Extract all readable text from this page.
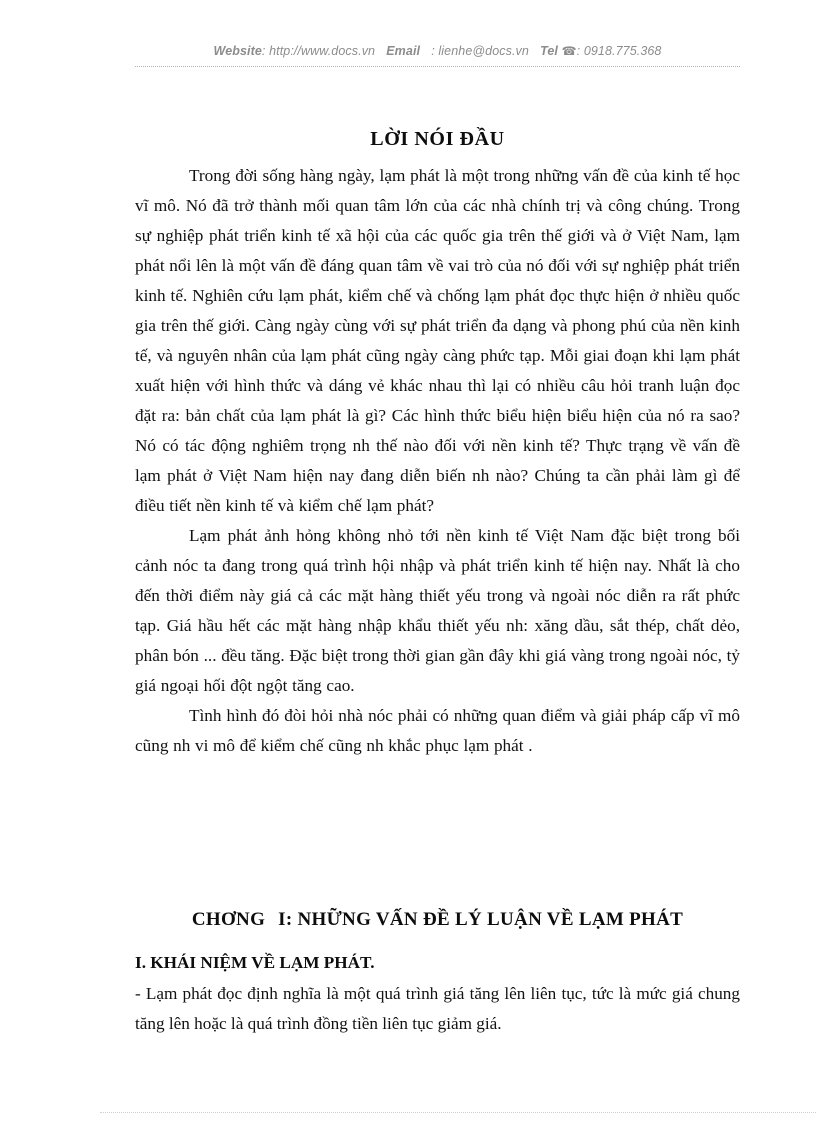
Website: http://www.docs.vn Email : lienhe@docs.vn Tel ☎: 0918.775.368
LỜI NÓI ĐẦU

Trong đời sống hàng ngày, lạm phát là một trong những vấn đề của kinh tế học vĩ mô. Nó đã trở thành mối quan tâm lớn của các nhà chính trị và công chúng. Trong sự nghiệp phát triển kinh tế xã hội của các quốc gia trên thế giới và ở Việt Nam, lạm phát nổi lên là một vấn đề đáng quan tâm về vai trò của nó đối với sự nghiệp phát triển kinh tế. Nghiên cứu lạm phát, kiểm chế và chống lạm phát đọc thực hiện ở nhiều quốc gia trên thế giới. Càng ngày cùng với sự phát triển đa dạng và phong phú của nền kinh tế, và nguyên nhân của lạm phát cũng ngày càng phức tạp. Mỗi giai đoạn khi lạm phát xuất hiện với hình thức và dáng vẻ khác nhau thì lại có nhiều câu hỏi tranh luận đọc đặt ra: bản chất của lạm phát là gì? Các hình thức biểu hiện biểu hiện của nó ra sao? Nó có tác động nghiêm trọng nh thế nào đối với nền kinh tế? Thực trạng về vấn đề lạm phát ở Việt Nam hiện nay đang diễn biến nh nào? Chúng ta cần phải làm gì để điều tiết nền kinh tế và kiểm chế lạm phát?

Lạm phát ảnh hỏng không nhỏ tới nền kinh tế Việt Nam đặc biệt trong bối cảnh nóc ta đang trong quá trình hội nhập và phát triển kinh tế hiện nay. Nhất là cho đến thời điểm này giá cả các mặt hàng thiết yếu trong và ngoài nóc diễn ra rất phức tạp. Giá hầu hết các mặt hàng nhập khẩu thiết yếu nh: xăng dầu, sắt thép, chất dẻo, phân bón ... đều tăng. Đặc biệt trong thời gian gần đây khi giá vàng trong ngoài nóc, tỷ giá ngoại hối đột ngột tăng cao.

Tình hình đó đòi hỏi nhà nóc phải có những quan điểm và giải pháp cấp vĩ mô cũng nh vi mô để kiểm chế cũng nh khắc phục lạm phát .

CHƠNG I: NHỮNG VẤN ĐỀ LÝ LUẬN VỀ LẠM PHÁT
I. KHÁI NIỆM VỀ LẠM PHÁT.

- Lạm phát đọc định nghĩa là một quá trình giá tăng lên liên tục, tức là mức giá chung tăng lên hoặc là quá trình đồng tiền liên tục giảm giá.
